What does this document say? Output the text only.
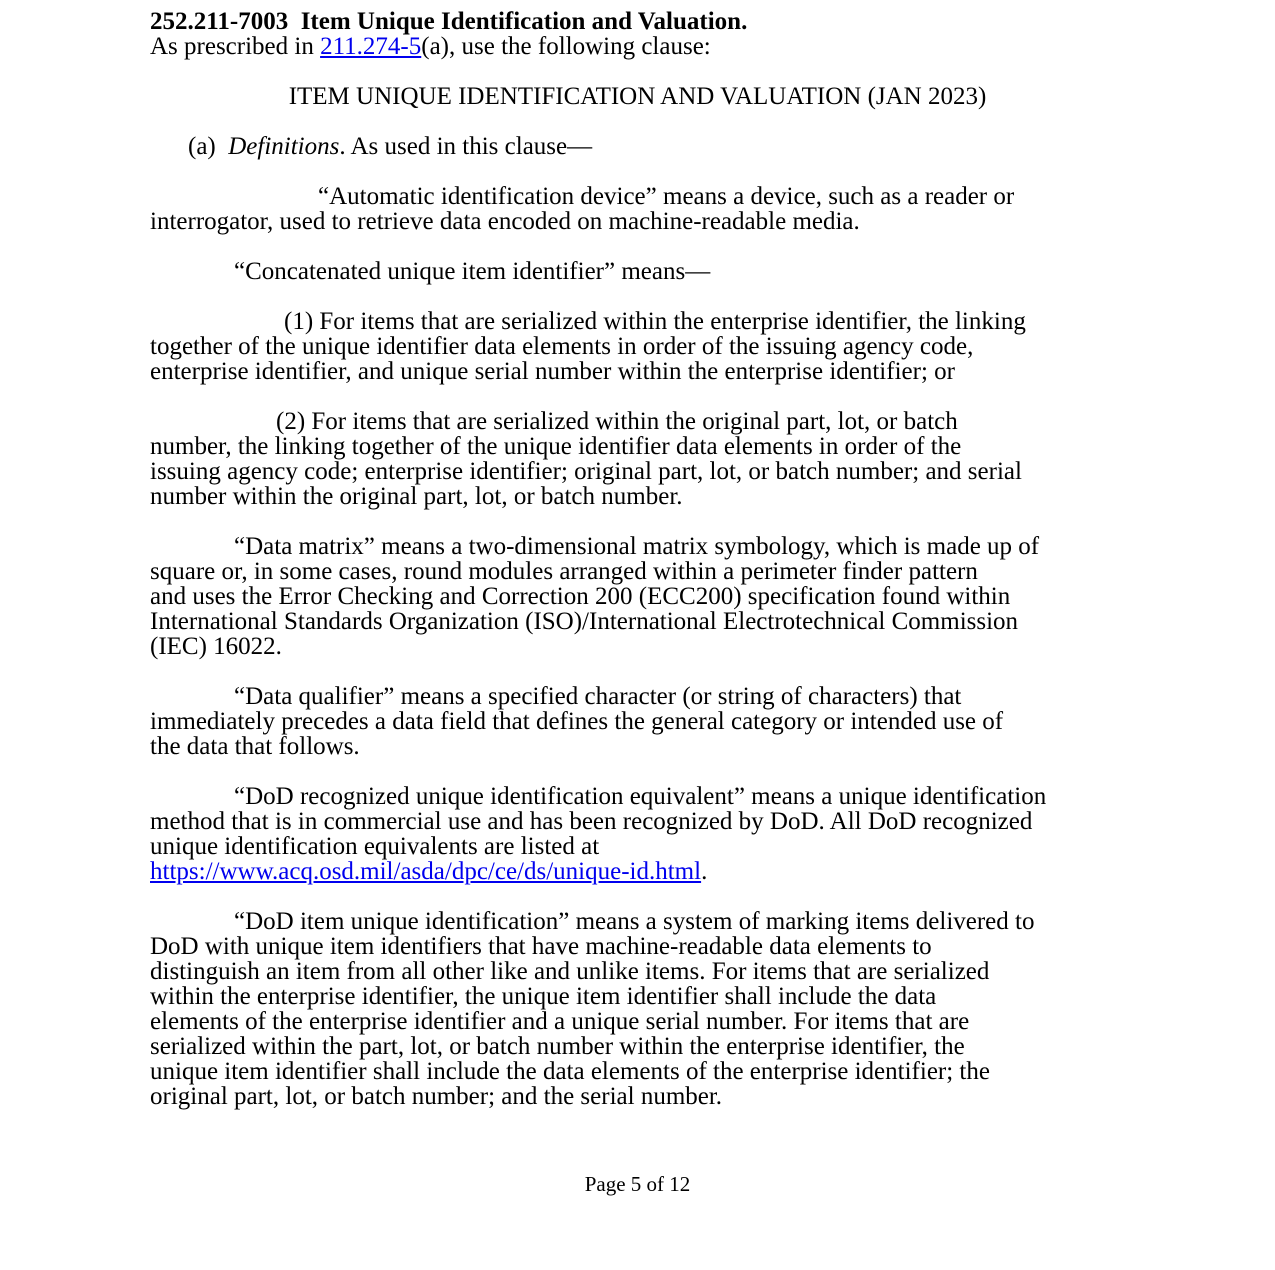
252.211-7003 Item Unique Identification and Valuation.
As prescribed in 211.274-5(a), use the following clause:
ITEM UNIQUE IDENTIFICATION AND VALUATION (JAN 2023)
(a) Definitions. As used in this clause—
“Automatic identification device” means a device, such as a reader or
interrogator, used to retrieve data encoded on machine-readable media.
“Concatenated unique item identifier” means—
(1) For items that are serialized within the enterprise identifier, the linking
together of the unique identifier data elements in order of the issuing agency code,
enterprise identifier, and unique serial number within the enterprise identifier; or
(2) For items that are serialized within the original part, lot, or batch
number, the linking together of the unique identifier data elements in order of the
issuing agency code; enterprise identifier; original part, lot, or batch number; and serial
number within the original part, lot, or batch number.
“Data matrix” means a two-dimensional matrix symbology, which is made up of
square or, in some cases, round modules arranged within a perimeter finder pattern
and uses the Error Checking and Correction 200 (ECC200) specification found within
International Standards Organization (ISO)/International Electrotechnical Commission
(IEC) 16022.
“Data qualifier” means a specified character (or string of characters) that
immediately precedes a data field that defines the general category or intended use of
the data that follows.
“DoD recognized unique identification equivalent” means a unique identification
method that is in commercial use and has been recognized by DoD. All DoD recognized
unique identification equivalents are listed at
https://www.acq.osd.mil/asda/dpc/ce/ds/unique-id.html.
“DoD item unique identification” means a system of marking items delivered to
DoD with unique item identifiers that have machine-readable data elements to
distinguish an item from all other like and unlike items. For items that are serialized
within the enterprise identifier, the unique item identifier shall include the data
elements of the enterprise identifier and a unique serial number. For items that are
serialized within the part, lot, or batch number within the enterprise identifier, the
unique item identifier shall include the data elements of the enterprise identifier; the
original part, lot, or batch number; and the serial number.
Page 5 of 12
